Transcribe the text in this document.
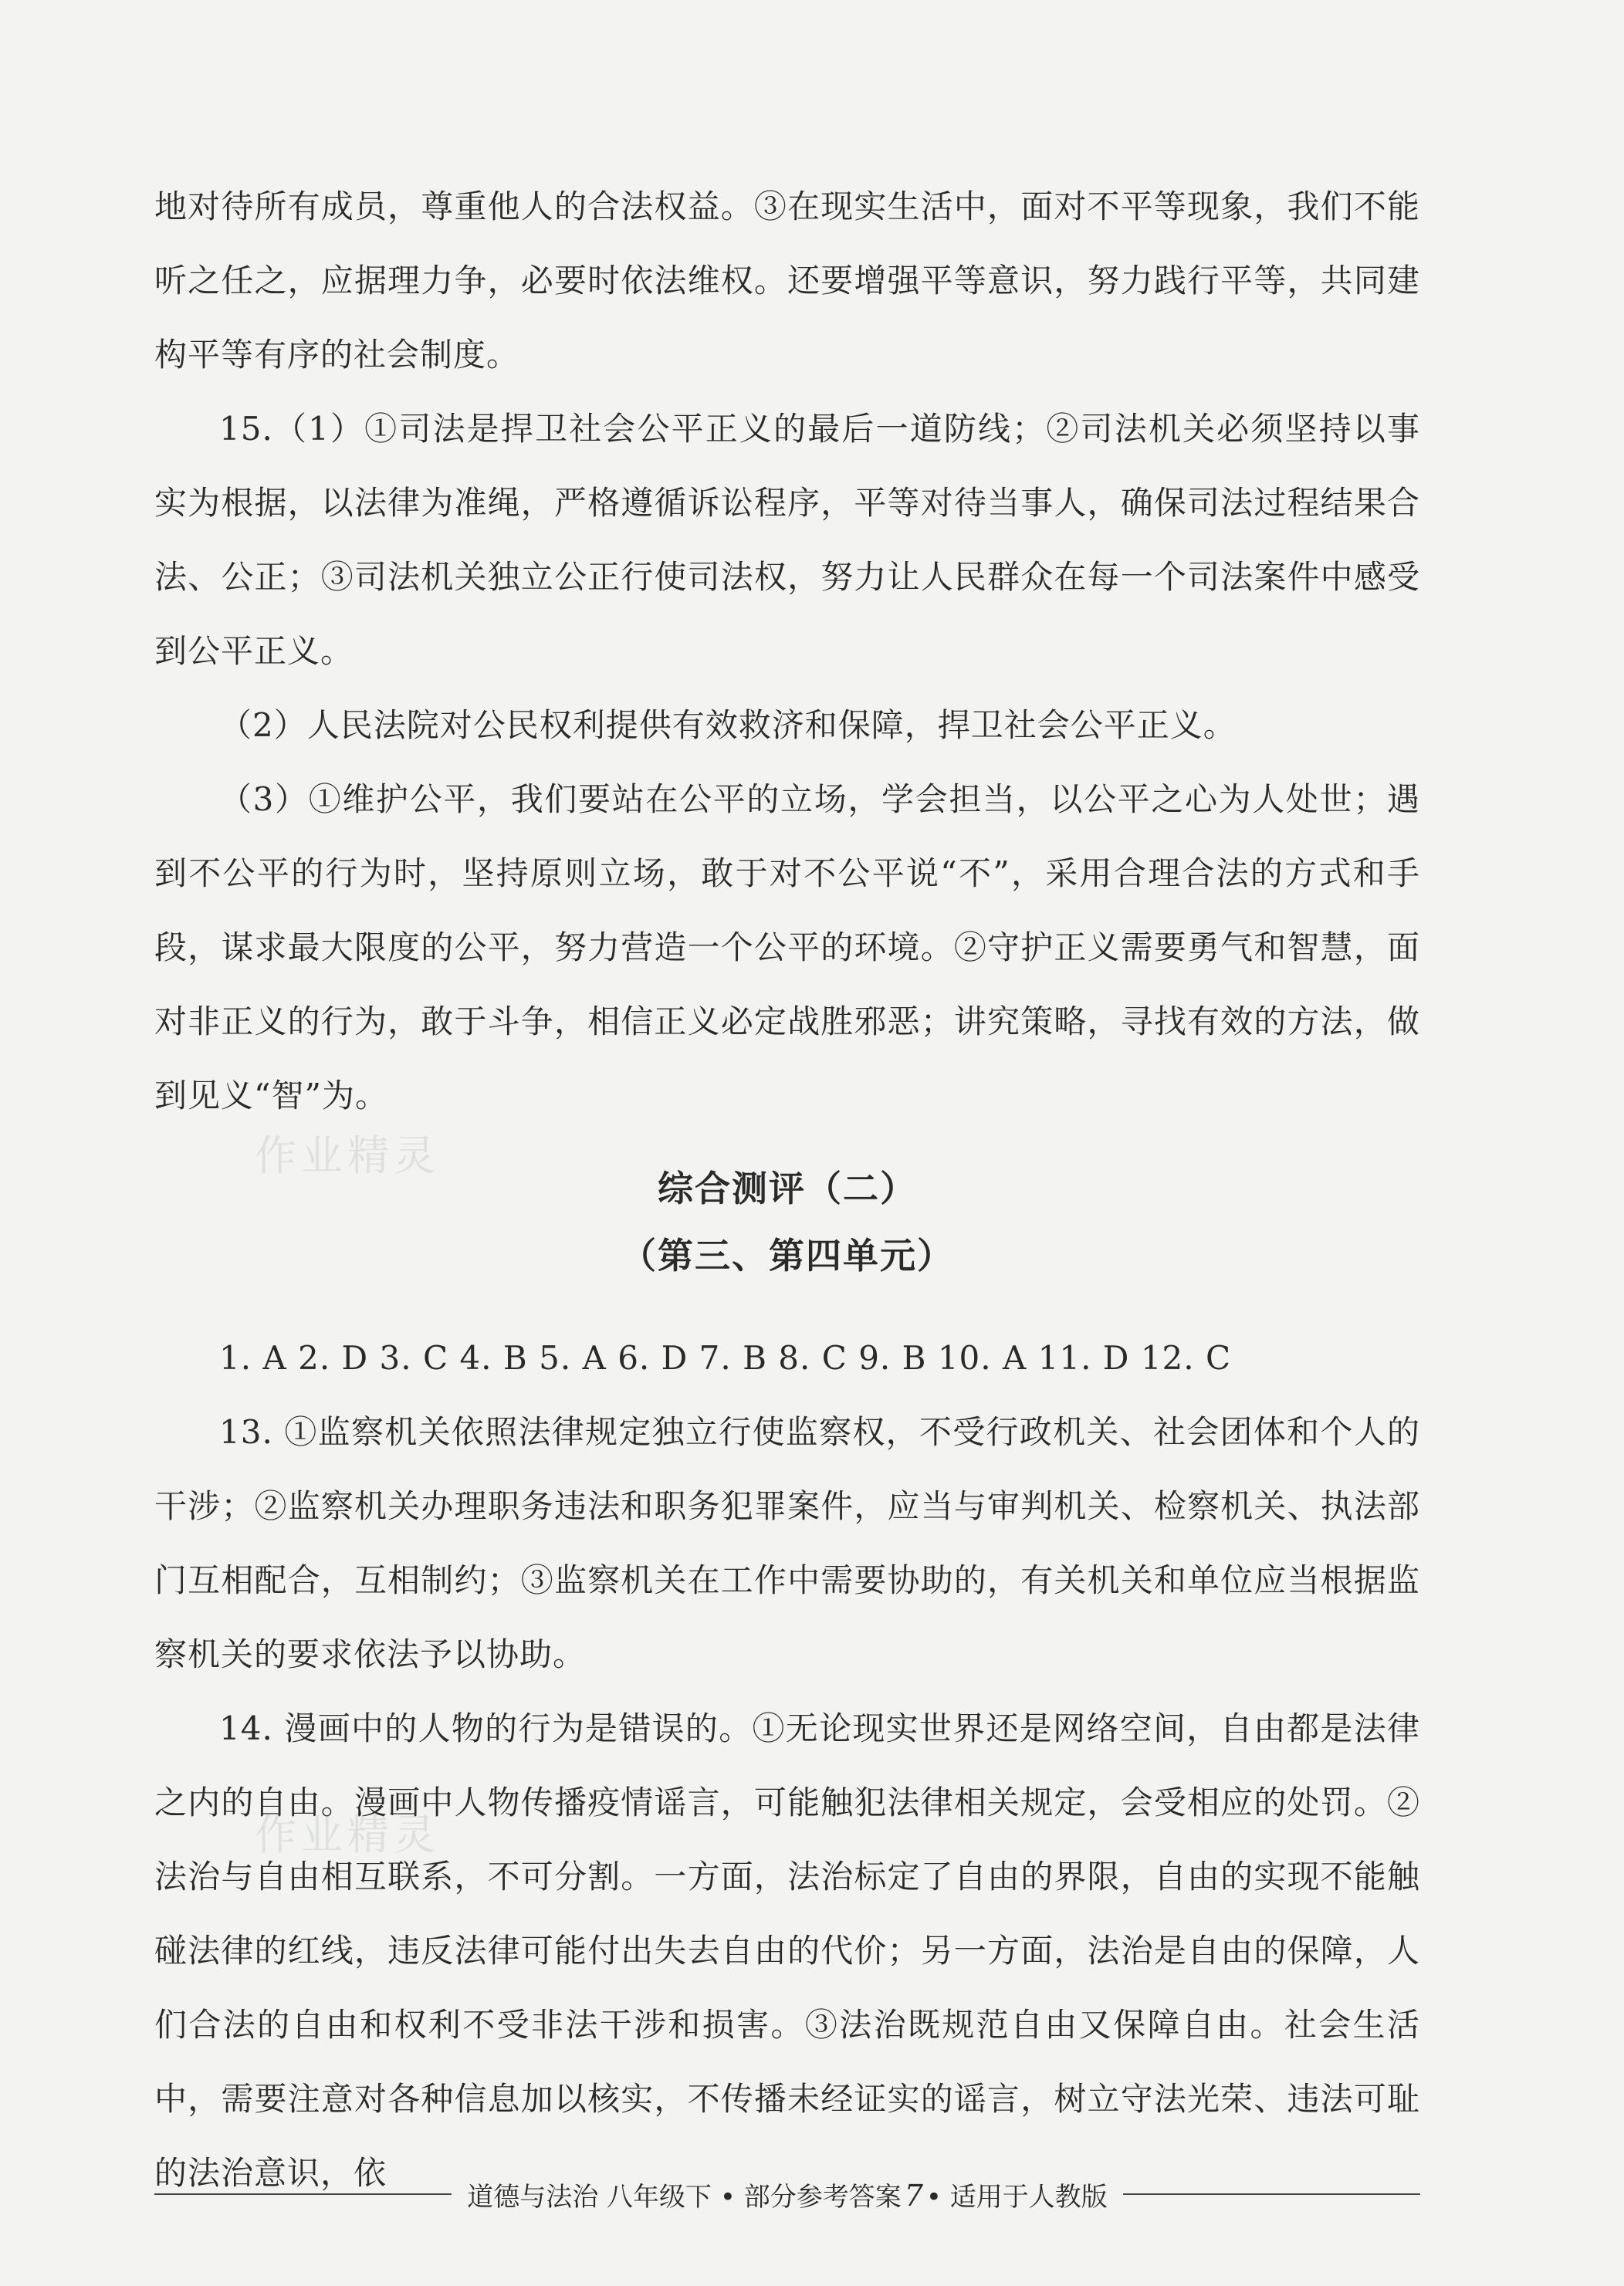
地对待所有成员，尊重他人的合法权益。③在现实生活中，面对不平等现象，我们不能听之任之，应据理力争，必要时依法维权。还要增强平等意识，努力践行平等，共同建构平等有序的社会制度。

15.（1）①司法是捍卫社会公平正义的最后一道防线；②司法机关必须坚持以事实为根据，以法律为准绳，严格遵循诉讼程序，平等对待当事人，确保司法过程结果合法、公正；③司法机关独立公正行使司法权，努力让人民群众在每一个司法案件中感受到公平正义。

（2）人民法院对公民权利提供有效救济和保障，捍卫社会公平正义。

（3）①维护公平，我们要站在公平的立场，学会担当，以公平之心为人处世；遇到不公平的行为时，坚持原则立场，敢于对不公平说“不”，采用合理合法的方式和手段，谋求最大限度的公平，努力营造一个公平的环境。②守护正义需要勇气和智慧，面对非正义的行为，敢于斗争，相信正义必定战胜邪恶；讲究策略，寻找有效的方法，做到见义“智”为。

综合测评（二）
（第三、第四单元）

1. A 2. D 3. C 4. B 5. A 6. D 7. B 8. C 9. B 10. A 11. D 12. C

13. ①监察机关依照法律规定独立行使监察权，不受行政机关、社会团体和个人的干涉；②监察机关办理职务违法和职务犯罪案件，应当与审判机关、检察机关、执法部门互相配合，互相制约；③监察机关在工作中需要协助的，有关机关和单位应当根据监察机关的要求依法予以协助。

14. 漫画中的人物的行为是错误的。①无论现实世界还是网络空间，自由都是法律之内的自由。漫画中人物传播疫情谣言，可能触犯法律相关规定，会受相应的处罚。②法治与自由相互联系，不可分割。一方面，法治标定了自由的界限，自由的实现不能触碰法律的红线，违反法律可能付出失去自由的代价；另一方面，法治是自由的保障，人们合法的自由和权利不受非法干涉和损害。③法治既规范自由又保障自由。社会生活中，需要注意对各种信息加以核实，不传播未经证实的谣言，树立守法光荣、违法可耻的法治意识，依

作业精灵
作业精灵
道德与法治 八年级下 • 部分参考答案 7 • 适用于人教版
